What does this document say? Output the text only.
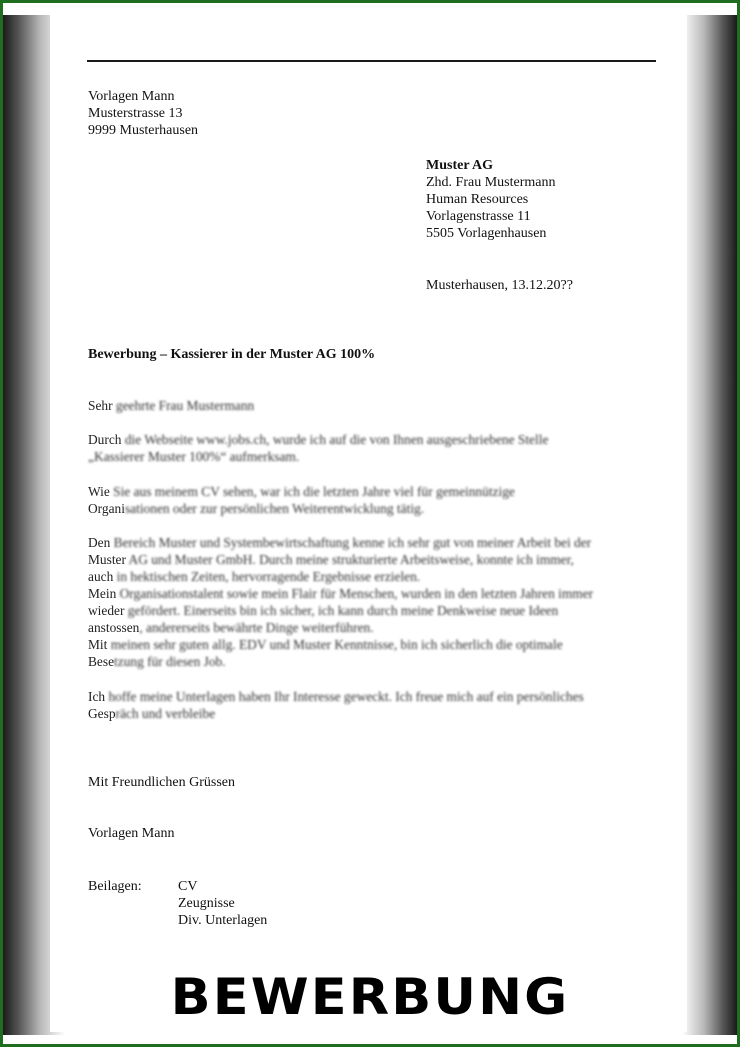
Vorlagen Mann
Musterstrasse 13
9999 Musterhausen
Muster AG
Zhd. Frau Mustermann
Human Resources
Vorlagenstrasse 11
5505 Vorlagenhausen
Musterhausen, 13.12.20??
Bewerbung – Kassierer in der Muster AG 100%
Sehr geehrte Frau Mustermann
Durch die Webseite www.jobs.ch, wurde ich auf die von Ihnen ausgeschriebene Stelle
„Kassierer Muster 100%“ aufmerksam.
Wie Sie aus meinem CV sehen, war ich die letzten Jahre viel für gemeinnützige
Organisationen oder zur persönlichen Weiterentwicklung tätig.
Den Bereich Muster und Systembewirtschaftung kenne ich sehr gut von meiner Arbeit bei der
Muster AG und Muster GmbH. Durch meine strukturierte Arbeitsweise, konnte ich immer,
auch in hektischen Zeiten, hervorragende Ergebnisse erzielen.
Mein Organisationstalent sowie mein Flair für Menschen, wurden in den letzten Jahren immer
wieder gefördert. Einerseits bin ich sicher, ich kann durch meine Denkweise neue Ideen
anstossen, andererseits bewährte Dinge weiterführen.
Mit meinen sehr guten allg. EDV und Muster Kenntnisse, bin ich sicherlich die optimale
Besetzung für diesen Job.
Ich hoffe meine Unterlagen haben Ihr Interesse geweckt. Ich freue mich auf ein persönliches
Gespräch und verbleibe
Mit Freundlichen Grüssen
Vorlagen Mann
Beilagen:	CV
Zeugnisse
Div. Unterlagen
BEWERBUNG
